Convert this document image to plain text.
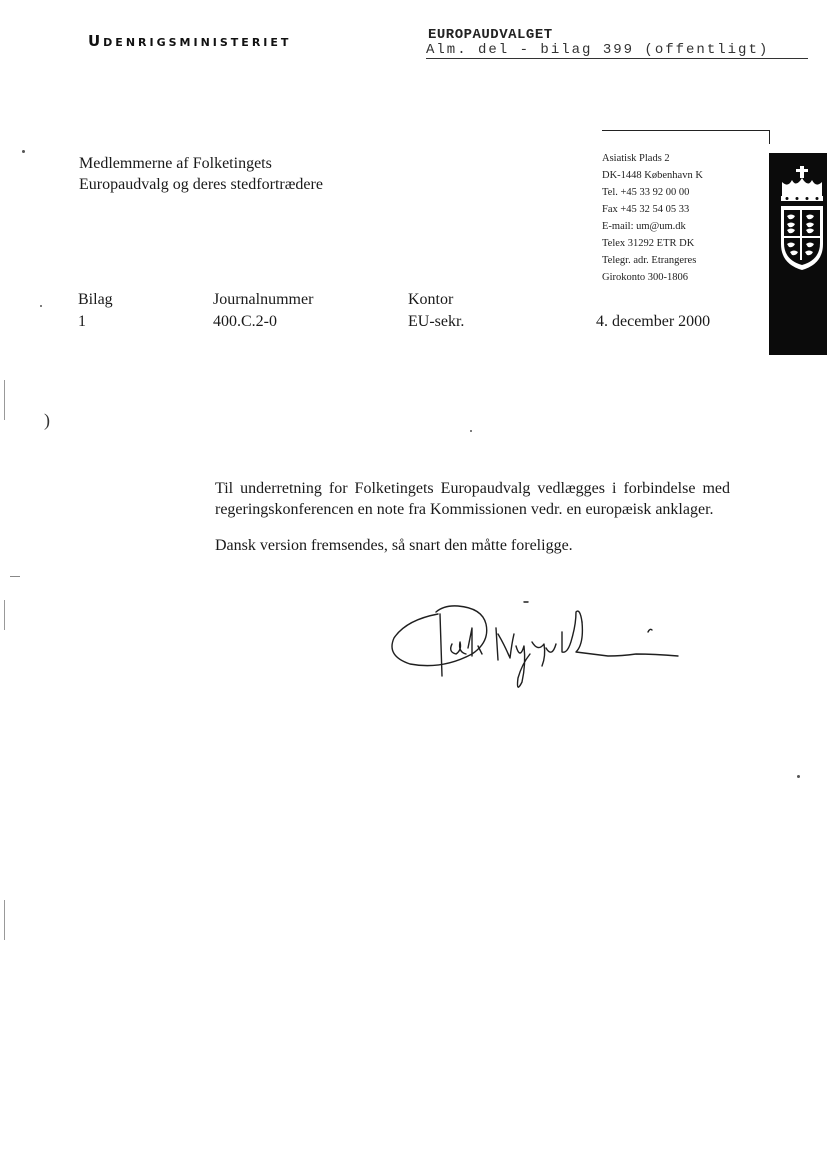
Udenrigsministeriet	EUROPAUDVALGET
Alm. del - bilag 399 (offentligt)
Medlemmerne af Folketingets
Europaudvalg og deres stedfortrædere
Asiatisk Plads 2
DK-1448 København K
Tel. +45 33 92 00 00
Fax +45 32 54 05 33
E-mail: um@um.dk
Telex 31292 ETR DK
Telegr. adr. Etrangeres
Girokonto 300-1806
Bilag
1
Journalnummer
400.C.2-0
Kontor
EU-sekr.	4. december 2000

Til underretning for Folketingets Europaudvalg vedlægges i forbindelse med regeringskonferencen en note fra Kommissionen vedr. en europæisk anklager.

Dansk version fremsendes, så snart den måtte foreligge.

)
